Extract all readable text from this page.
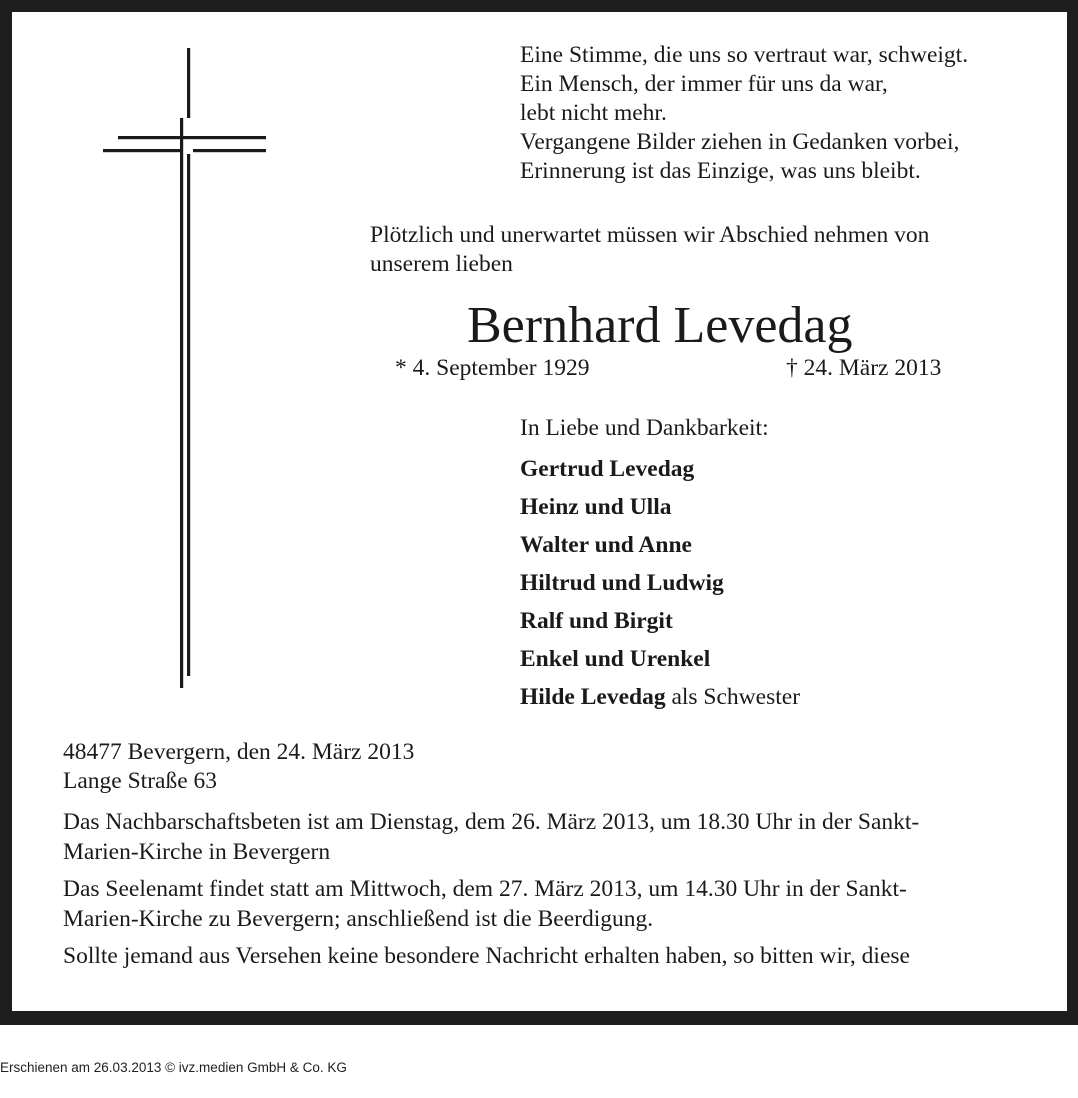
Eine Stimme, die uns so vertraut war, schweigt.
Ein Mensch, der immer für uns da war,
lebt nicht mehr.
Vergangene Bilder ziehen in Gedanken vorbei,
Erinnerung ist das Einzige, was uns bleibt.
Plötzlich und unerwartet müssen wir Abschied nehmen von
unserem lieben
Bernhard Levedag
* 4. September 1929	† 24. März 2013
In Liebe und Dankbarkeit:
Gertrud Levedag
Heinz und Ulla
Walter und Anne
Hiltrud und Ludwig
Ralf und Birgit
Enkel und Urenkel
Hilde Levedag als Schwester
48477 Bevergern, den 24. März 2013
Lange Straße 63
Das Nachbarschaftsbeten ist am Dienstag, dem 26. März 2013, um 18.30 Uhr in der Sankt-
Marien-Kirche in Bevergern
Das Seelenamt findet statt am Mittwoch, dem 27. März 2013, um 14.30 Uhr in der Sankt-
Marien-Kirche zu Bevergern; anschließend ist die Beerdigung.
Sollte jemand aus Versehen keine besondere Nachricht erhalten haben, so bitten wir, diese
Erschienen am 26.03.2013 © ivz.medien GmbH & Co. KG
